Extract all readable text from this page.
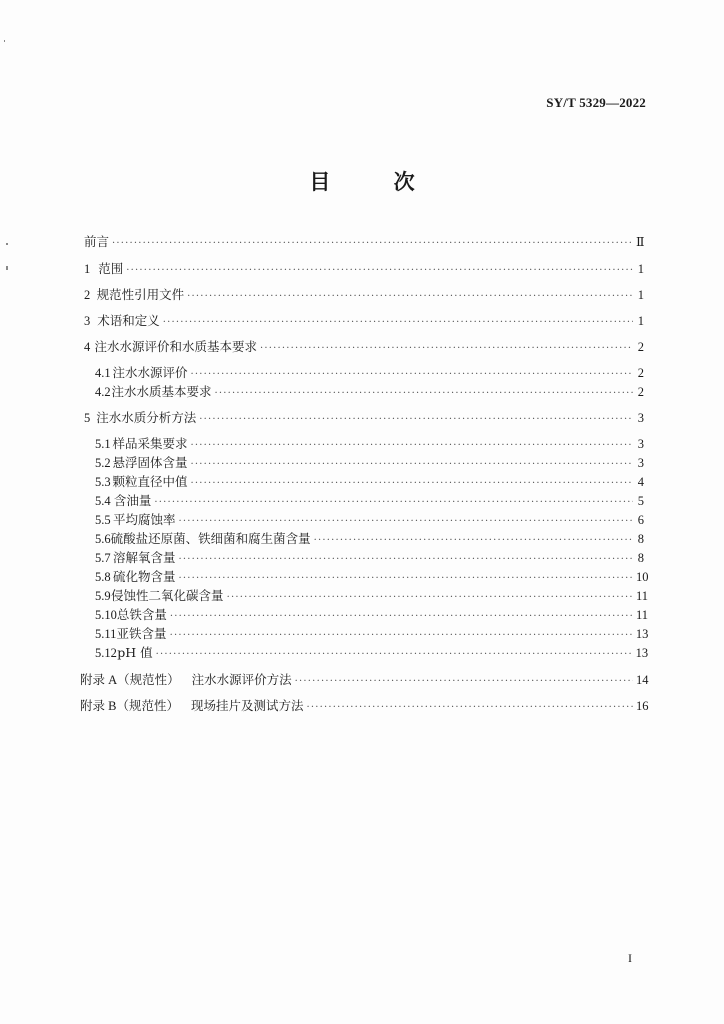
SY/T 5329—2022
目 次
前言 ·····	Ⅱ
1 范围 ·····	1
2 规范性引用文件 ·····	1
3 术语和定义 ·····	1
4 注水水源评价和水质基本要求 ·····	2
4.1 注水水源评价 ·····	2
4.2 注水水质基本要求 ·····	2
5 注水水质分析方法 ·····	3
5.1 样品采集要求 ·····	3
5.2 悬浮固体含量 ·····	3
5.3 颗粒直径中值 ·····	4
5.4 含油量 ·····	5
5.5 平均腐蚀率 ·····	6
5.6 硫酸盐还原菌、铁细菌和腐生菌含量 ·····	8
5.7 溶解氧含量 ·····	8
5.8 硫化物含量 ·····	10
5.9 侵蚀性二氧化碳含量 ·····	11
5.10 总铁含量 ·····	11
5.11 亚铁含量 ·····	13
5.12 pH 值 ·····	13
附录 A（规范性） 注水水源评价方法 ·····	14
附录 B（规范性） 现场挂片及测试方法 ·····	16
I
